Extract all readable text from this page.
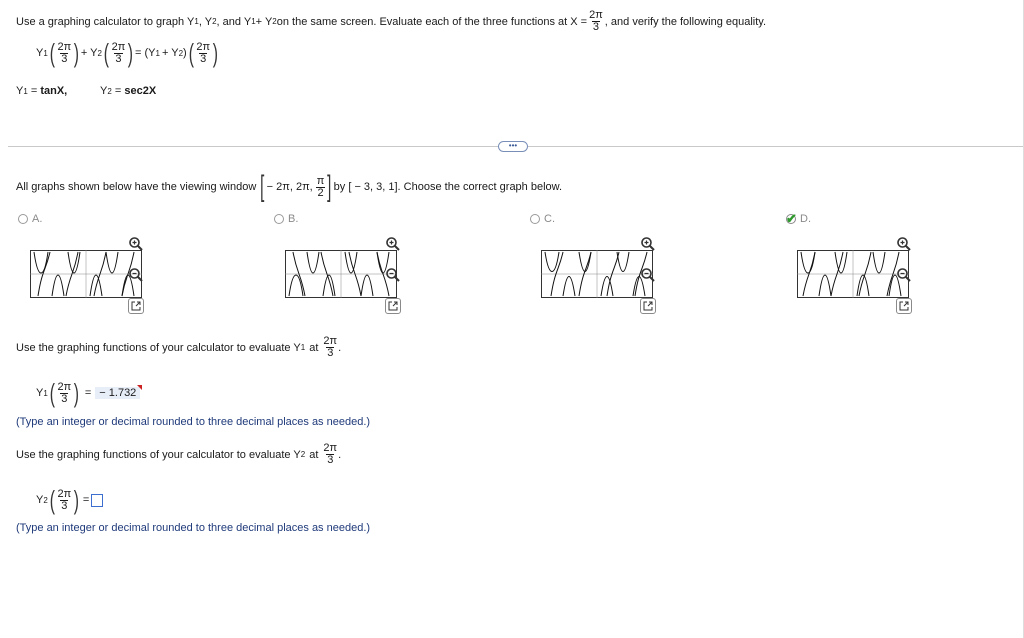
Use a graphing calculator to graph Y 1 , Y 2 , and Y 1 + Y 2 on the same screen. Evaluate each of the three functions at $X = \frac{2\pi}{3}$ , and verify the following equality.
Y 1 ( $\frac{2\pi}{3}$ ) + Y 2 ( $\frac{2\pi}{3}$ ) = (Y 1 + Y 2 ) ( $\frac{2\pi}{3}$ )
Y 1 = tanX,	Y 2 = sec2X
•••
All graphs shown below have the viewing window [ − 2π, 2π, $\frac{\pi}{2}$ ] by [ − 3, 3, 1]. Choose the correct graph below.
A.	B.	C.	✔ D.
Use the graphing functions of your calculator to evaluate Y 1 at $\frac{2\pi}{3}$ .
Y 1 ( $\frac{2\pi}{3}$ ) = − 1.732
(Type an integer or decimal rounded to three decimal places as needed.)
Use the graphing functions of your calculator to evaluate Y 2 at $\frac{2\pi}{3}$ .
Y 2 ( $\frac{2\pi}{3}$ ) =
(Type an integer or decimal rounded to three decimal places as needed.)
